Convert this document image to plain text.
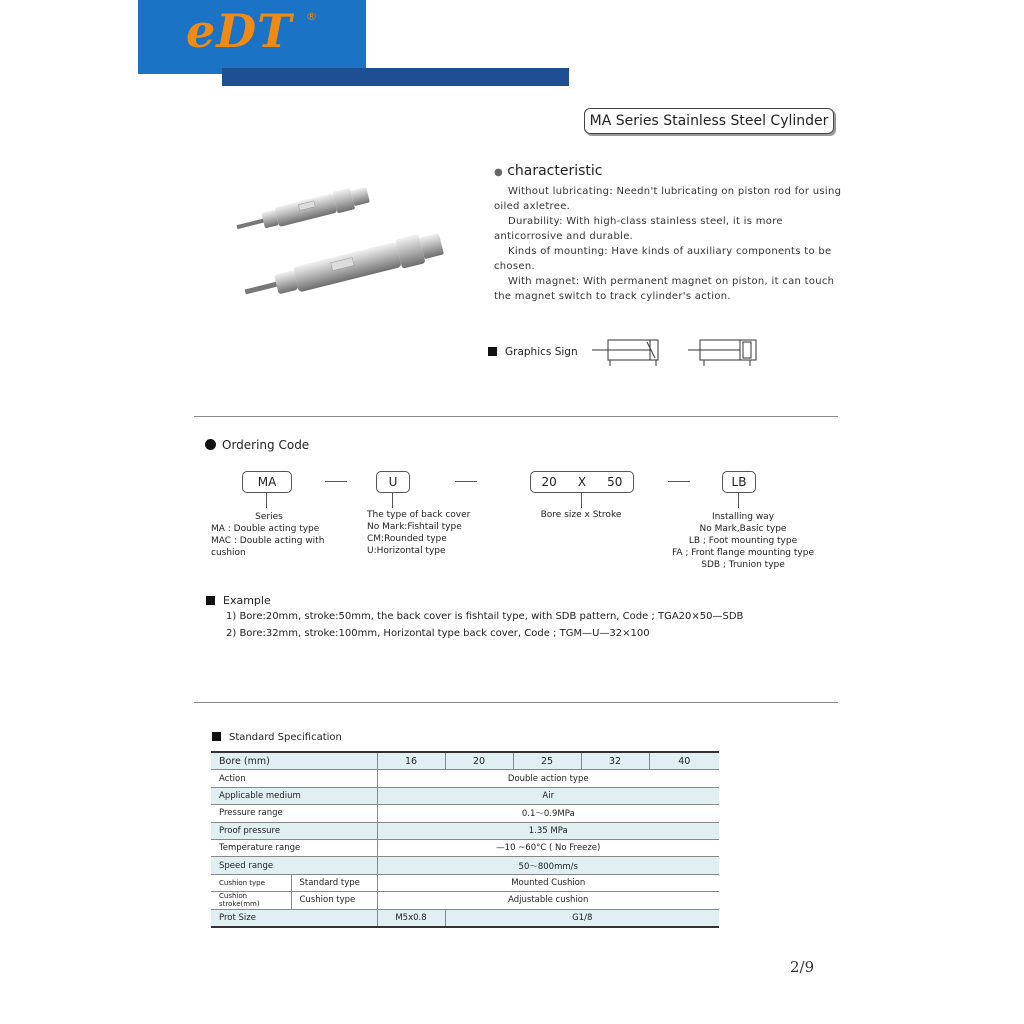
eDT ®
MA Series Stainless Steel Cylinder
● characteristic

Without lubricating: Needn't lubricating on piston rod for using oiled axletree.

Durability: With high-class stainless steel, it is more anticorrosive and durable.

Kinds of mounting: Have kinds of auxiliary components to be chosen.

With magnet: With permanent magnet on piston, it can touch the magnet switch to track cylinder's action.

Graphics Sign
Ordering Code
MA	U	20 X 50	LB
Series
MA : Double acting type
MAC : Double acting with cushion
The type of back cover
No Mark:Fishtail type
CM:Rounded type
U:Horizontal type
Bore size x Stroke	Installing way
No Mark,Basic type
LB ; Foot mounting type
FA ; Front flange mounting type
SDB ; Trunion type
Example
1) Bore:20mm, stroke:50mm, the back cover is fishtail type, with SDB pattern, Code ; TGA20×50—SDB
2) Bore:32mm, stroke:100mm, Horizontal type back cover, Code ; TGM—U—32×100
Standard Specification
Bore (mm)		16	20	25	32	40
Action		Double action type				
Applicable medium		Air				
Pressure range		0.1～0.9MPa				
Proof pressure		1.35 MPa				
Temperature range		—10 ~60°C ( No Freeze)				
Speed range		50～800mm/s				
Cushion type	Standard type	Mounted Cushion				
Cushion stroke(mm)	Cushion type	Adjustable cushion				
Prot Size		M5x0.8	G1/8			
2/9
